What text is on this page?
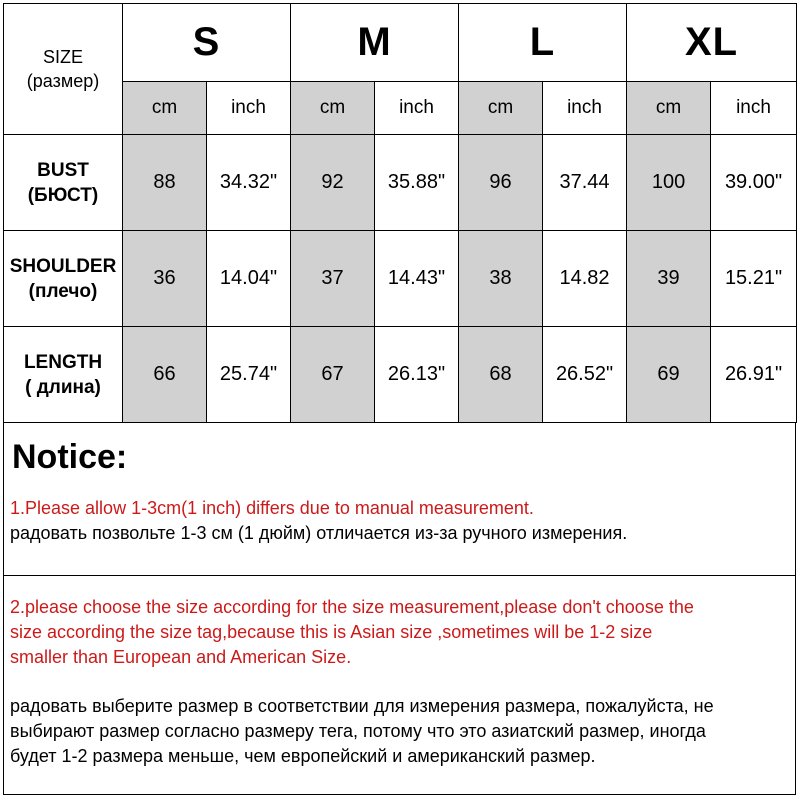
SIZE
(размер)	S		M		L		XL	
	cm	inch	cm	inch	cm	inch	cm	inch

BUST
(БЮСТ)	88	34.32"	92	35.88"	96	37.44	100	39.00"

SHOULDER
(плечо)	36	14.04"	37	14.43"	38	14.82	39	15.21"

LENGTH
( длина)	66	25.74"	67	26.13"	68	26.52"	69	26.91"
Notice:

1.Please allow 1-3cm(1 inch) differs due to manual measurement.

радовать позвольте 1-3 см (1 дюйм) отличается из-за ручного измерения.

2.please choose the size according for the size measurement,please don't choose the

size according the size tag,because this is Asian size ,sometimes will be 1-2 size

smaller than European and American Size.

радовать выберите размер в соответствии для измерения размера, пожалуйста, не

выбирают размер согласно размеру тега, потому что это азиатский размер, иногда

будет 1-2 размера меньше, чем европейский и американский размер.
